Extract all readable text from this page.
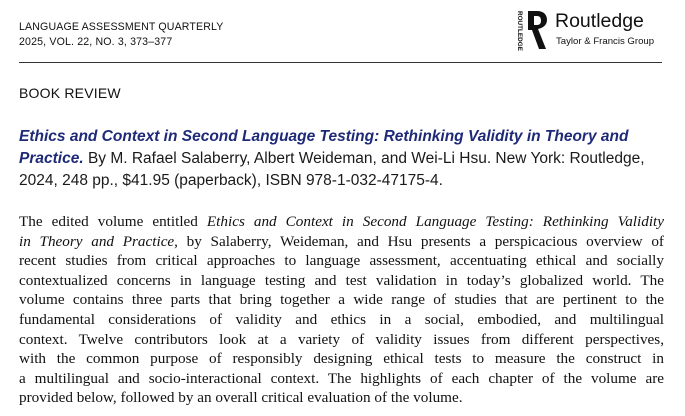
LANGUAGE ASSESSMENT QUARTERLY
2025, VOL. 22, NO. 3, 373–377	ROUTLEDGE Routledge
Taylor & Francis Group
BOOK REVIEW
Ethics and Context in Second Language Testing: Rethinking Validity in Theory and Practice. By M. Rafael Salaberry, Albert Weideman, and Wei-Li Hsu. New York: Routledge, 2024, 248 pp., $41.95 (paperback), ISBN 978-1-032-47175-4.
The edited volume entitled Ethics and Context in Second Language Testing: Rethinking Validity
in Theory and Practice, by Salaberry, Weideman, and Hsu presents a perspicacious overview of
recent studies from critical approaches to language assessment, accentuating ethical and socially
contextualized concerns in language testing and test validation in today’s globalized world. The
volume contains three parts that bring together a wide range of studies that are pertinent to the
fundamental considerations of validity and ethics in a social, embodied, and multilingual
context. Twelve contributors look at a variety of validity issues from different perspectives,
with the common purpose of responsibly designing ethical tests to measure the construct in
a multilingual and socio-interactional context. The highlights of each chapter of the volume are
provided below, followed by an overall critical evaluation of the volume.
